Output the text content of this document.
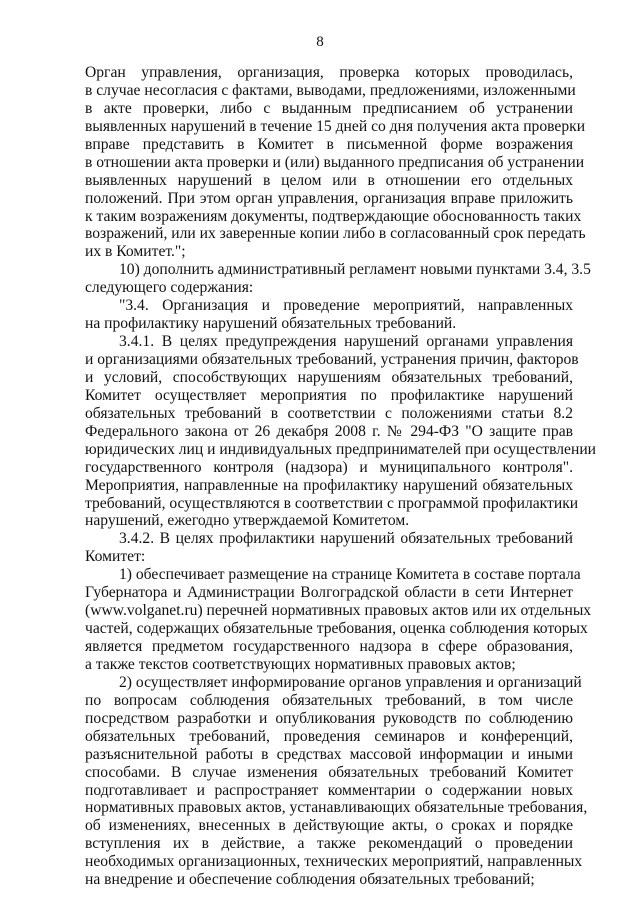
8
Орган управления, организация, проверка которых проводилась,
в случае несогласия с фактами, выводами, предложениями, изложенными
в акте проверки, либо с выданным предписанием об устранении
выявленных нарушений в течение 15 дней со дня получения акта проверки
вправе представить в Комитет в письменной форме возражения
в отношении акта проверки и (или) выданного предписания об устранении
выявленных нарушений в целом или в отношении его отдельных
положений. При этом орган управления, организация вправе приложить
к таким возражениям документы, подтверждающие обоснованность таких
возражений, или их заверенные копии либо в согласованный срок передать
их в Комитет.";
10) дополнить административный регламент новыми пунктами 3.4, 3.5
следующего содержания:
"3.4. Организация и проведение мероприятий, направленных
на профилактику нарушений обязательных требований.
3.4.1. В целях предупреждения нарушений органами управления
и организациями обязательных требований, устранения причин, факторов
и условий, способствующих нарушениям обязательных требований,
Комитет осуществляет мероприятия по профилактике нарушений
обязательных требований в соответствии с положениями статьи 8.2
Федерального закона от 26 декабря 2008 г. № 294-ФЗ "О защите прав
юридических лиц и индивидуальных предпринимателей при осуществлении
государственного контроля (надзора) и муниципального контроля".
Мероприятия, направленные на профилактику нарушений обязательных
требований, осуществляются в соответствии с программой профилактики
нарушений, ежегодно утверждаемой Комитетом.
3.4.2. В целях профилактики нарушений обязательных требований
Комитет:
1) обеспечивает размещение на странице Комитета в составе портала
Губернатора и Администрации Волгоградской области в сети Интернет
(www.volganet.ru) перечней нормативных правовых актов или их отдельных
частей, содержащих обязательные требования, оценка соблюдения которых
является предметом государственного надзора в сфере образования,
а также текстов соответствующих нормативных правовых актов;
2) осуществляет информирование органов управления и организаций
по вопросам соблюдения обязательных требований, в том числе
посредством разработки и опубликования руководств по соблюдению
обязательных требований, проведения семинаров и конференций,
разъяснительной работы в средствах массовой информации и иными
способами. В случае изменения обязательных требований Комитет
подготавливает и распространяет комментарии о содержании новых
нормативных правовых актов, устанавливающих обязательные требования,
об изменениях, внесенных в действующие акты, о сроках и порядке
вступления их в действие, а также рекомендаций о проведении
необходимых организационных, технических мероприятий, направленных
на внедрение и обеспечение соблюдения обязательных требований;
